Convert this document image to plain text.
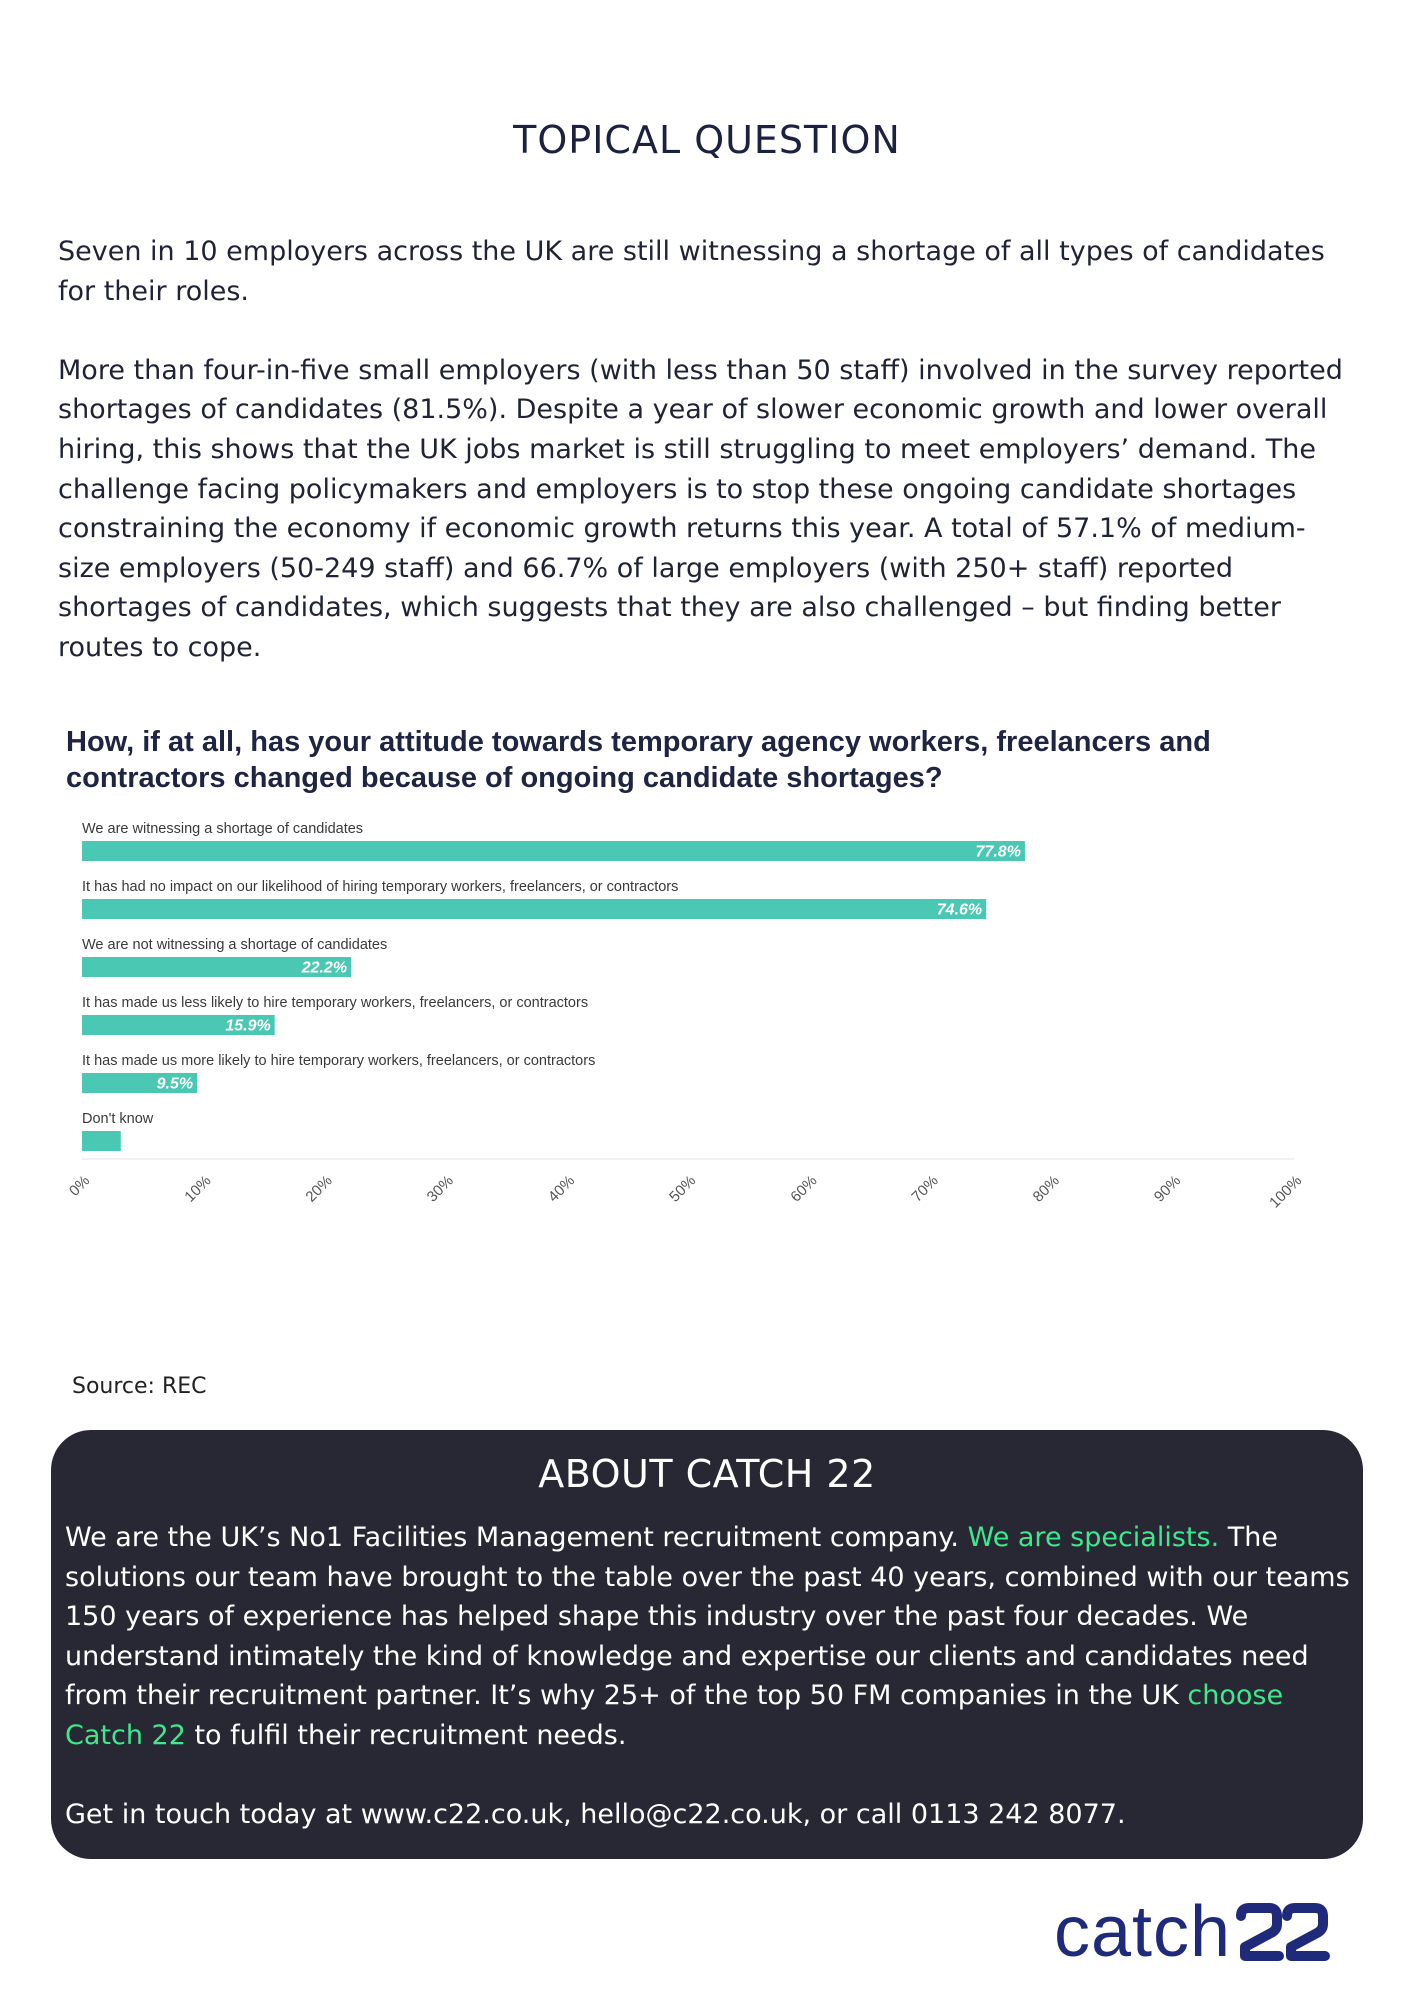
TOPICAL QUESTION

Seven in 10 employers across the UK are still witnessing a shortage of all types of candidates for their roles.

More than four-in-five small employers (with less than 50 staff) involved in the survey reported shortages of candidates (81.5%). Despite a year of slower economic growth and lower overall hiring, this shows that the UK jobs market is still struggling to meet employers’ demand. The challenge facing policymakers and employers is to stop these ongoing candidate shortages constraining the economy if economic growth returns this year. A total of 57.1% of medium-size employers (50-249 staff) and 66.7% of large employers (with 250+ staff) reported shortages of candidates, which suggests that they are also challenged – but finding better routes to cope.

How, if at all, has your attitude towards temporary agency workers, freelancers and contractors changed because of ongoing candidate shortages?
We are witnessing a shortage of candidates
77.8%
It has had no impact on our likelihood of hiring temporary workers, freelancers, or contractors
74.6%
We are not witnessing a shortage of candidates
22.2%
It has made us less likely to hire temporary workers, freelancers, or contractors
15.9%
It has made us more likely to hire temporary workers, freelancers, or contractors
9.5%
Don't know
0%	10%	20%	30%	40%	50%	60%	70%	80%	90%	100%
Source: REC
ABOUT CATCH 22

We are the UK’s No1 Facilities Management recruitment company. We are specialists. The solutions our team have brought to the table over the past 40 years, combined with our teams 150 years of experience has helped shape this industry over the past four decades. We understand intimately the kind of knowledge and expertise our clients and candidates need from their recruitment partner. It’s why 25+ of the top 50 FM companies in the UK choose Catch 22 to fulfil their recruitment needs.

Get in touch today at www.c22.co.uk, hello@c22.co.uk, or call 0113 242 8077.

catch
